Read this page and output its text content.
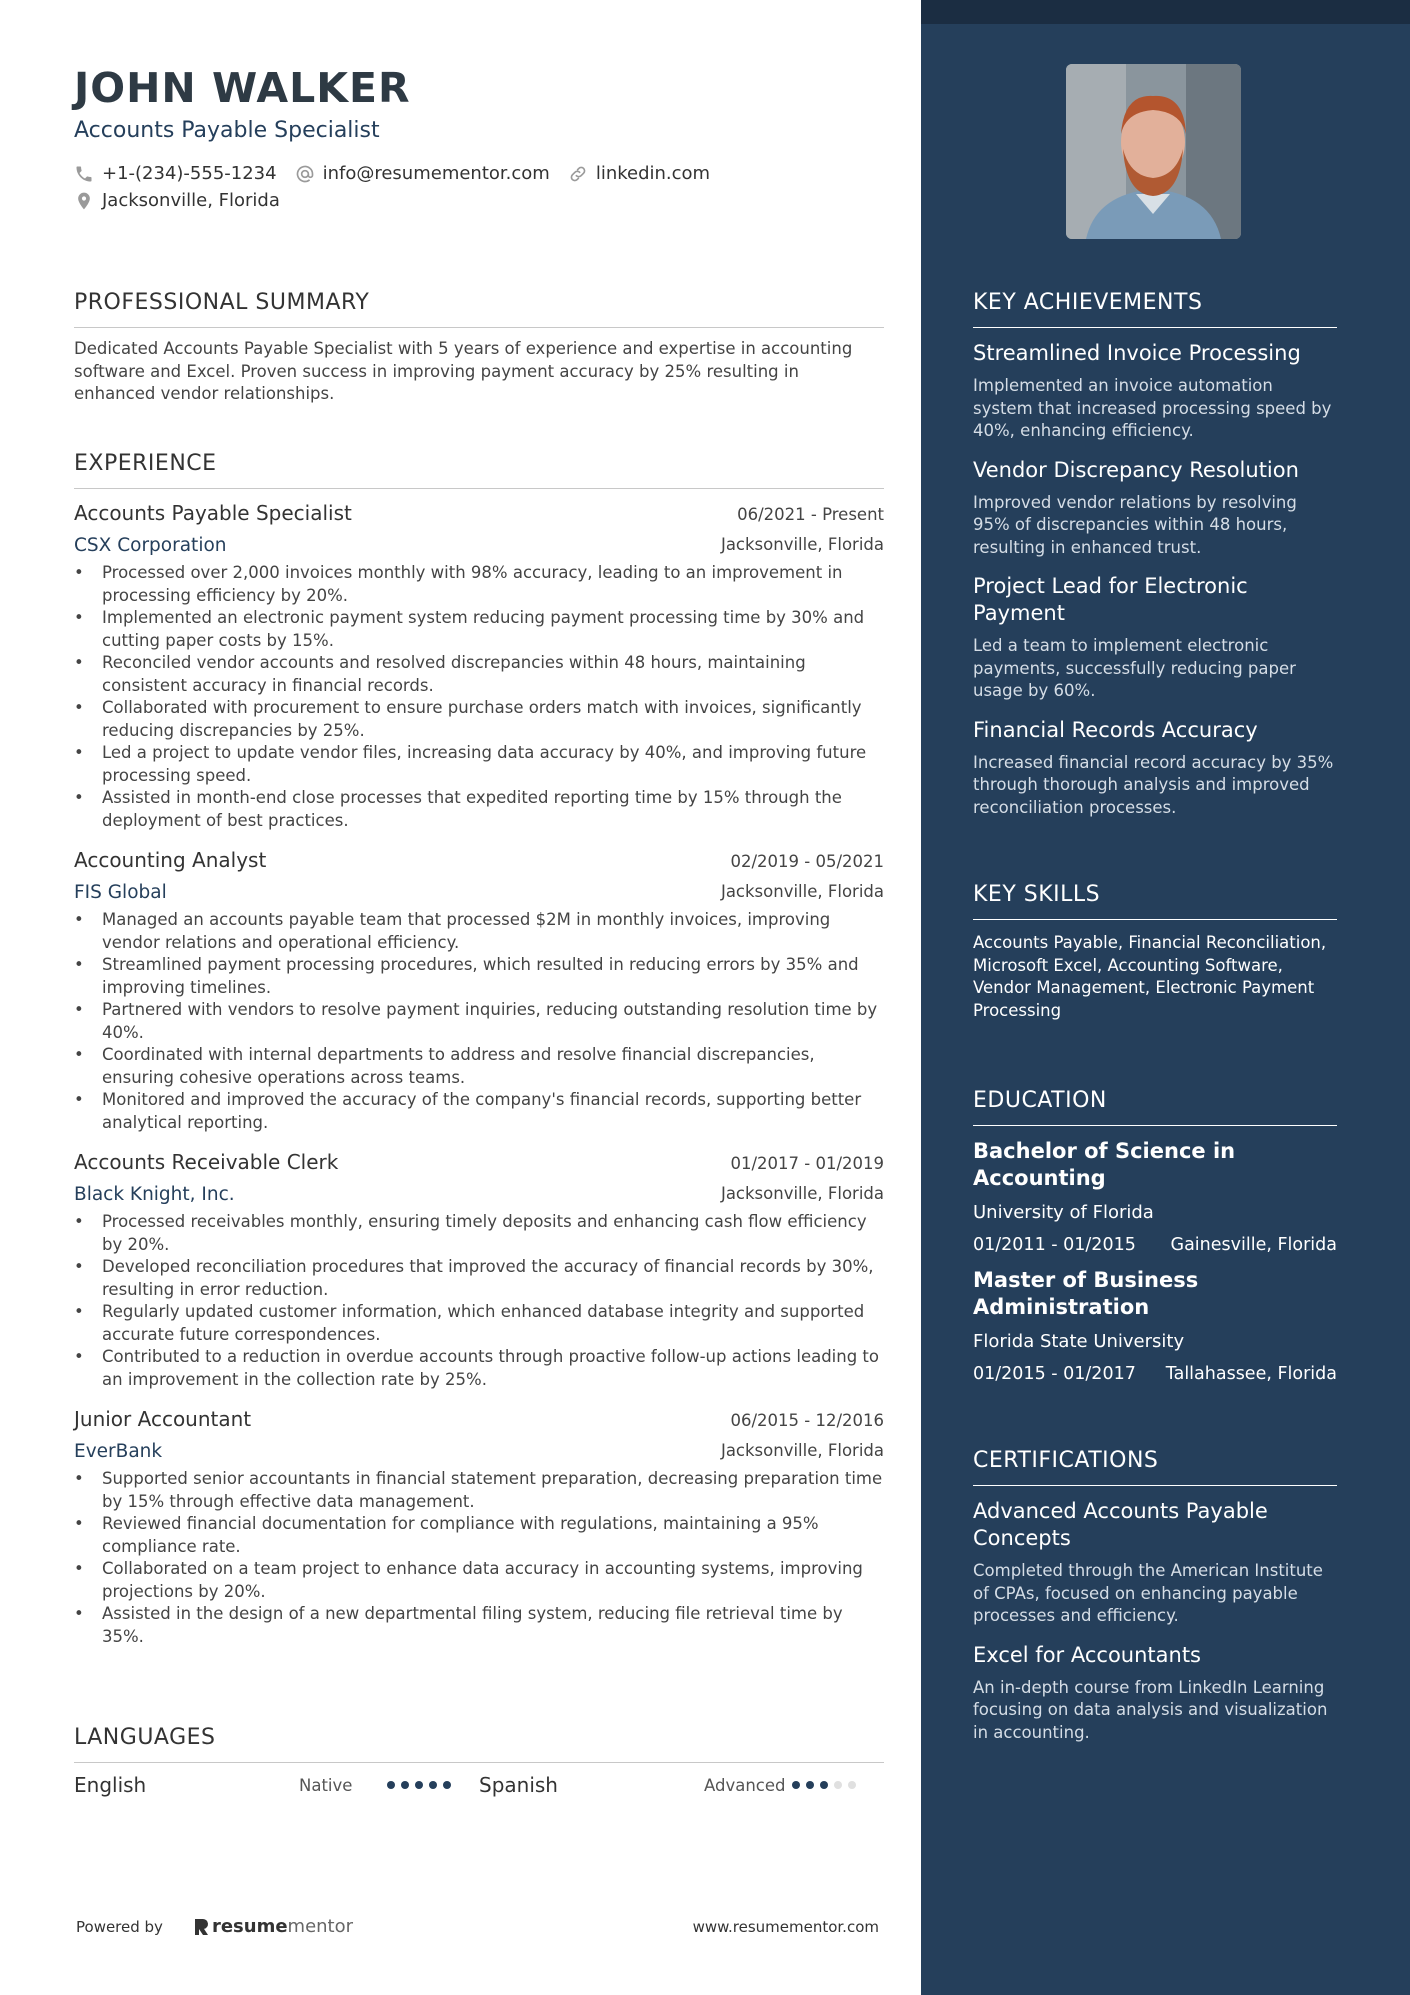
JOHN WALKER
Accounts Payable Specialist
+1-(234)-555-1234	info@resumementor.com	linkedin.com
Jacksonville, Florida
PROFESSIONAL SUMMARY
Dedicated Accounts Payable Specialist with 5 years of experience and expertise in accounting software and Excel. Proven success in improving payment accuracy by 25% resulting in enhanced vendor relationships.
EXPERIENCE
Accounts Payable Specialist	06/2021 - Present
CSX Corporation	Jacksonville, Florida
• Processed over 2,000 invoices monthly with 98% accuracy, leading to an improvement in processing efficiency by 20%.
• Implemented an electronic payment system reducing payment processing time by 30% and cutting paper costs by 15%.
• Reconciled vendor accounts and resolved discrepancies within 48 hours, maintaining consistent accuracy in financial records.
• Collaborated with procurement to ensure purchase orders match with invoices, significantly reducing discrepancies by 25%.
• Led a project to update vendor files, increasing data accuracy by 40%, and improving future processing speed.
• Assisted in month-end close processes that expedited reporting time by 15% through the deployment of best practices.
Accounting Analyst	02/2019 - 05/2021
FIS Global	Jacksonville, Florida
• Managed an accounts payable team that processed $2M in monthly invoices, improving vendor relations and operational efficiency.
• Streamlined payment processing procedures, which resulted in reducing errors by 35% and improving timelines.
• Partnered with vendors to resolve payment inquiries, reducing outstanding resolution time by 40%.
• Coordinated with internal departments to address and resolve financial discrepancies, ensuring cohesive operations across teams.
• Monitored and improved the accuracy of the company's financial records, supporting better analytical reporting.
Accounts Receivable Clerk	01/2017 - 01/2019
Black Knight, Inc.	Jacksonville, Florida
• Processed receivables monthly, ensuring timely deposits and enhancing cash flow efficiency by 20%.
• Developed reconciliation procedures that improved the accuracy of financial records by 30%, resulting in error reduction.
• Regularly updated customer information, which enhanced database integrity and supported accurate future correspondences.
• Contributed to a reduction in overdue accounts through proactive follow-up actions leading to an improvement in the collection rate by 25%.
Junior Accountant	06/2015 - 12/2016
EverBank	Jacksonville, Florida
• Supported senior accountants in financial statement preparation, decreasing preparation time by 15% through effective data management.
• Reviewed financial documentation for compliance with regulations, maintaining a 95% compliance rate.
• Collaborated on a team project to enhance data accuracy in accounting systems, improving projections by 20%.
• Assisted in the design of a new departmental filing system, reducing file retrieval time by 35%.
LANGUAGES
English	Native	Spanish	Advanced
Powered by	resume mentor	www.resumementor.com
KEY ACHIEVEMENTS
Streamlined Invoice Processing
Implemented an invoice automation system that increased processing speed by 40%, enhancing efficiency.
Vendor Discrepancy Resolution
Improved vendor relations by resolving 95% of discrepancies within 48 hours, resulting in enhanced trust.
Project Lead for Electronic Payment
Led a team to implement electronic payments, successfully reducing paper usage by 60%.
Financial Records Accuracy
Increased financial record accuracy by 35% through thorough analysis and improved reconciliation processes.
KEY SKILLS
Accounts Payable, Financial Reconciliation, Microsoft Excel, Accounting Software, Vendor Management, Electronic Payment Processing
EDUCATION
Bachelor of Science in Accounting
University of Florida
01/2011 - 01/2015 Gainesville, Florida
Master of Business Administration
Florida State University
01/2015 - 01/2017 Tallahassee, Florida
CERTIFICATIONS
Advanced Accounts Payable Concepts
Completed through the American Institute of CPAs, focused on enhancing payable processes and efficiency.
Excel for Accountants
An in-depth course from LinkedIn Learning focusing on data analysis and visualization in accounting.
